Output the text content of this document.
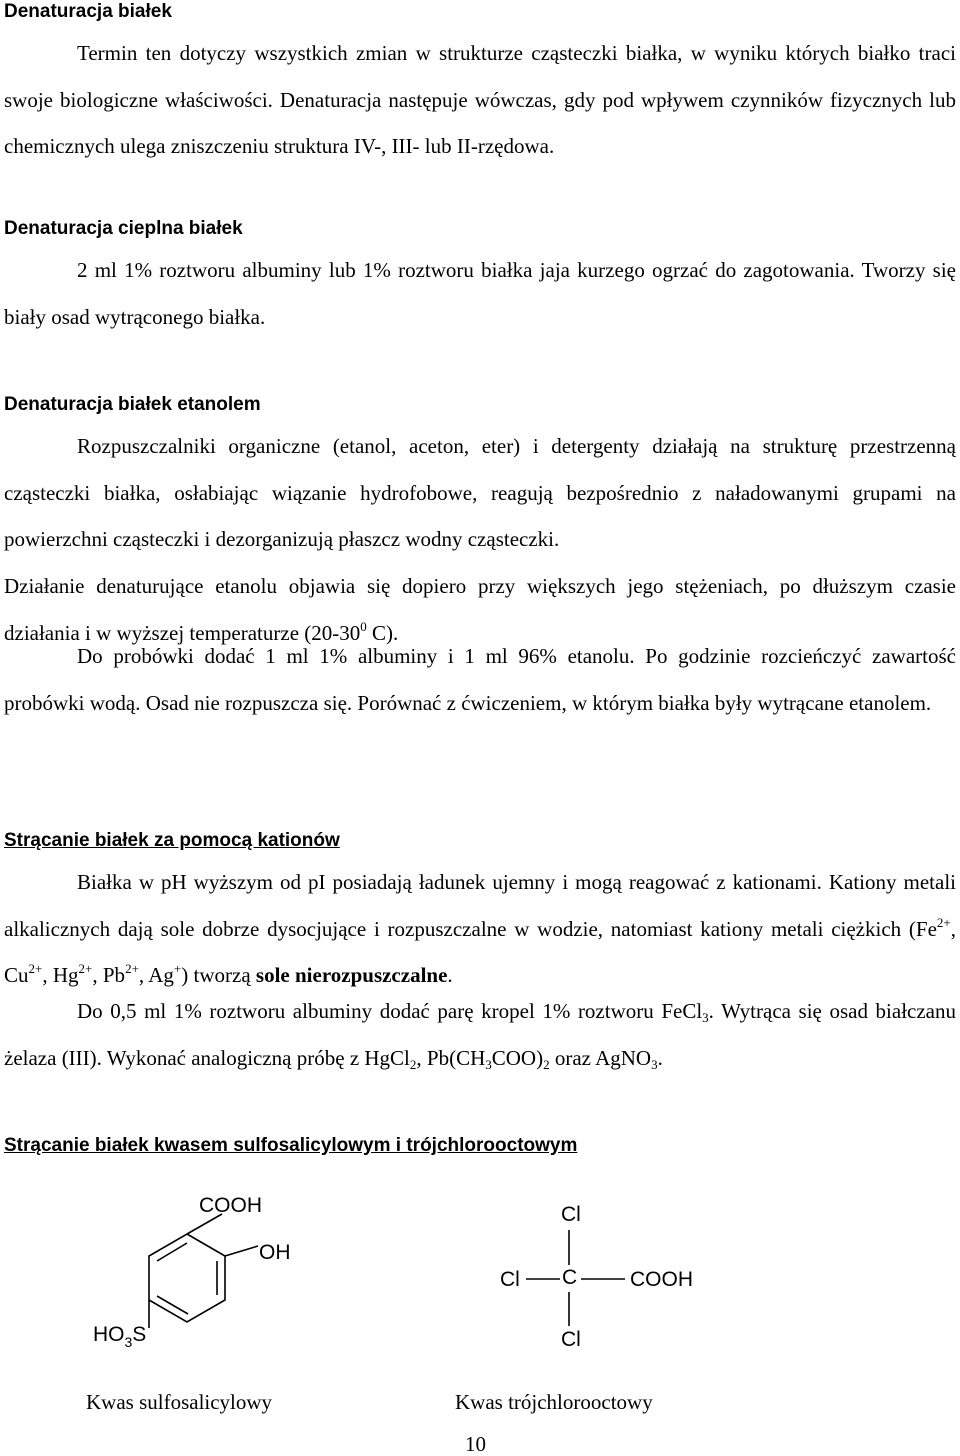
Denaturacja białek

Termin ten dotyczy wszystkich zmian w strukturze cząsteczki białka, w wyniku których białko traci swoje biologiczne właściwości. Denaturacja następuje wówczas, gdy pod wpływem czynników fizycznych lub chemicznych ulega zniszczeniu struktura IV-, III- lub II-rzędowa.

Denaturacja cieplna białek

2 ml 1% roztworu albuminy lub 1% roztworu białka jaja kurzego ogrzać do zagotowania. Tworzy się biały osad wytrąconego białka.

Denaturacja białek etanolem

Rozpuszczalniki organiczne (etanol, aceton, eter) i detergenty działają na strukturę przestrzenną cząsteczki białka, osłabiając wiązanie hydrofobowe, reagują bezpośrednio z naładowanymi grupami na powierzchni cząsteczki i dezorganizują płaszcz wodny cząsteczki.

Działanie denaturujące etanolu objawia się dopiero przy większych jego stężeniach, po dłuższym czasie działania i w wyższej temperaturze ($20-30^0$ C).

Do probówki dodać 1 ml 1% albuminy i 1 ml 96% etanolu. Po godzinie rozcieńczyć zawartość probówki wodą. Osad nie rozpuszcza się. Porównać z ćwiczeniem, w którym białka były wytrącane etanolem.

Strącanie białek za pomocą kationów

Białka w pH wyższym od pI posiadają ładunek ujemny i mogą reagować z kationami. Kationy metali alkalicznych dają sole dobrze dysocjujące i rozpuszczalne w wodzie, natomiast kationy metali ciężkich ($Fe^{2+}$, $Cu^{2+}$, $Hg^{2+}$, $Pb^{2+}$, Ag+) tworzą sole nierozpuszczalne.

Do 0,5 ml 1% roztworu albuminy dodać parę kropel 1% roztworu FeCl$_3$. Wytrąca się osad białczanu żelaza (III). Wykonać analogiczną próbę z HgCl$_2$, $Pb(CH_3COO)_2$ oraz AgNO$_3$.

Strącanie białek kwasem sulfosalicylowym i trójchlorooctowym
COOH
OH
$HO_3S$
Kwas sulfosalicylowy
Cl
Cl C	COOH
Cl
Kwas trójchlorooctowy
10
